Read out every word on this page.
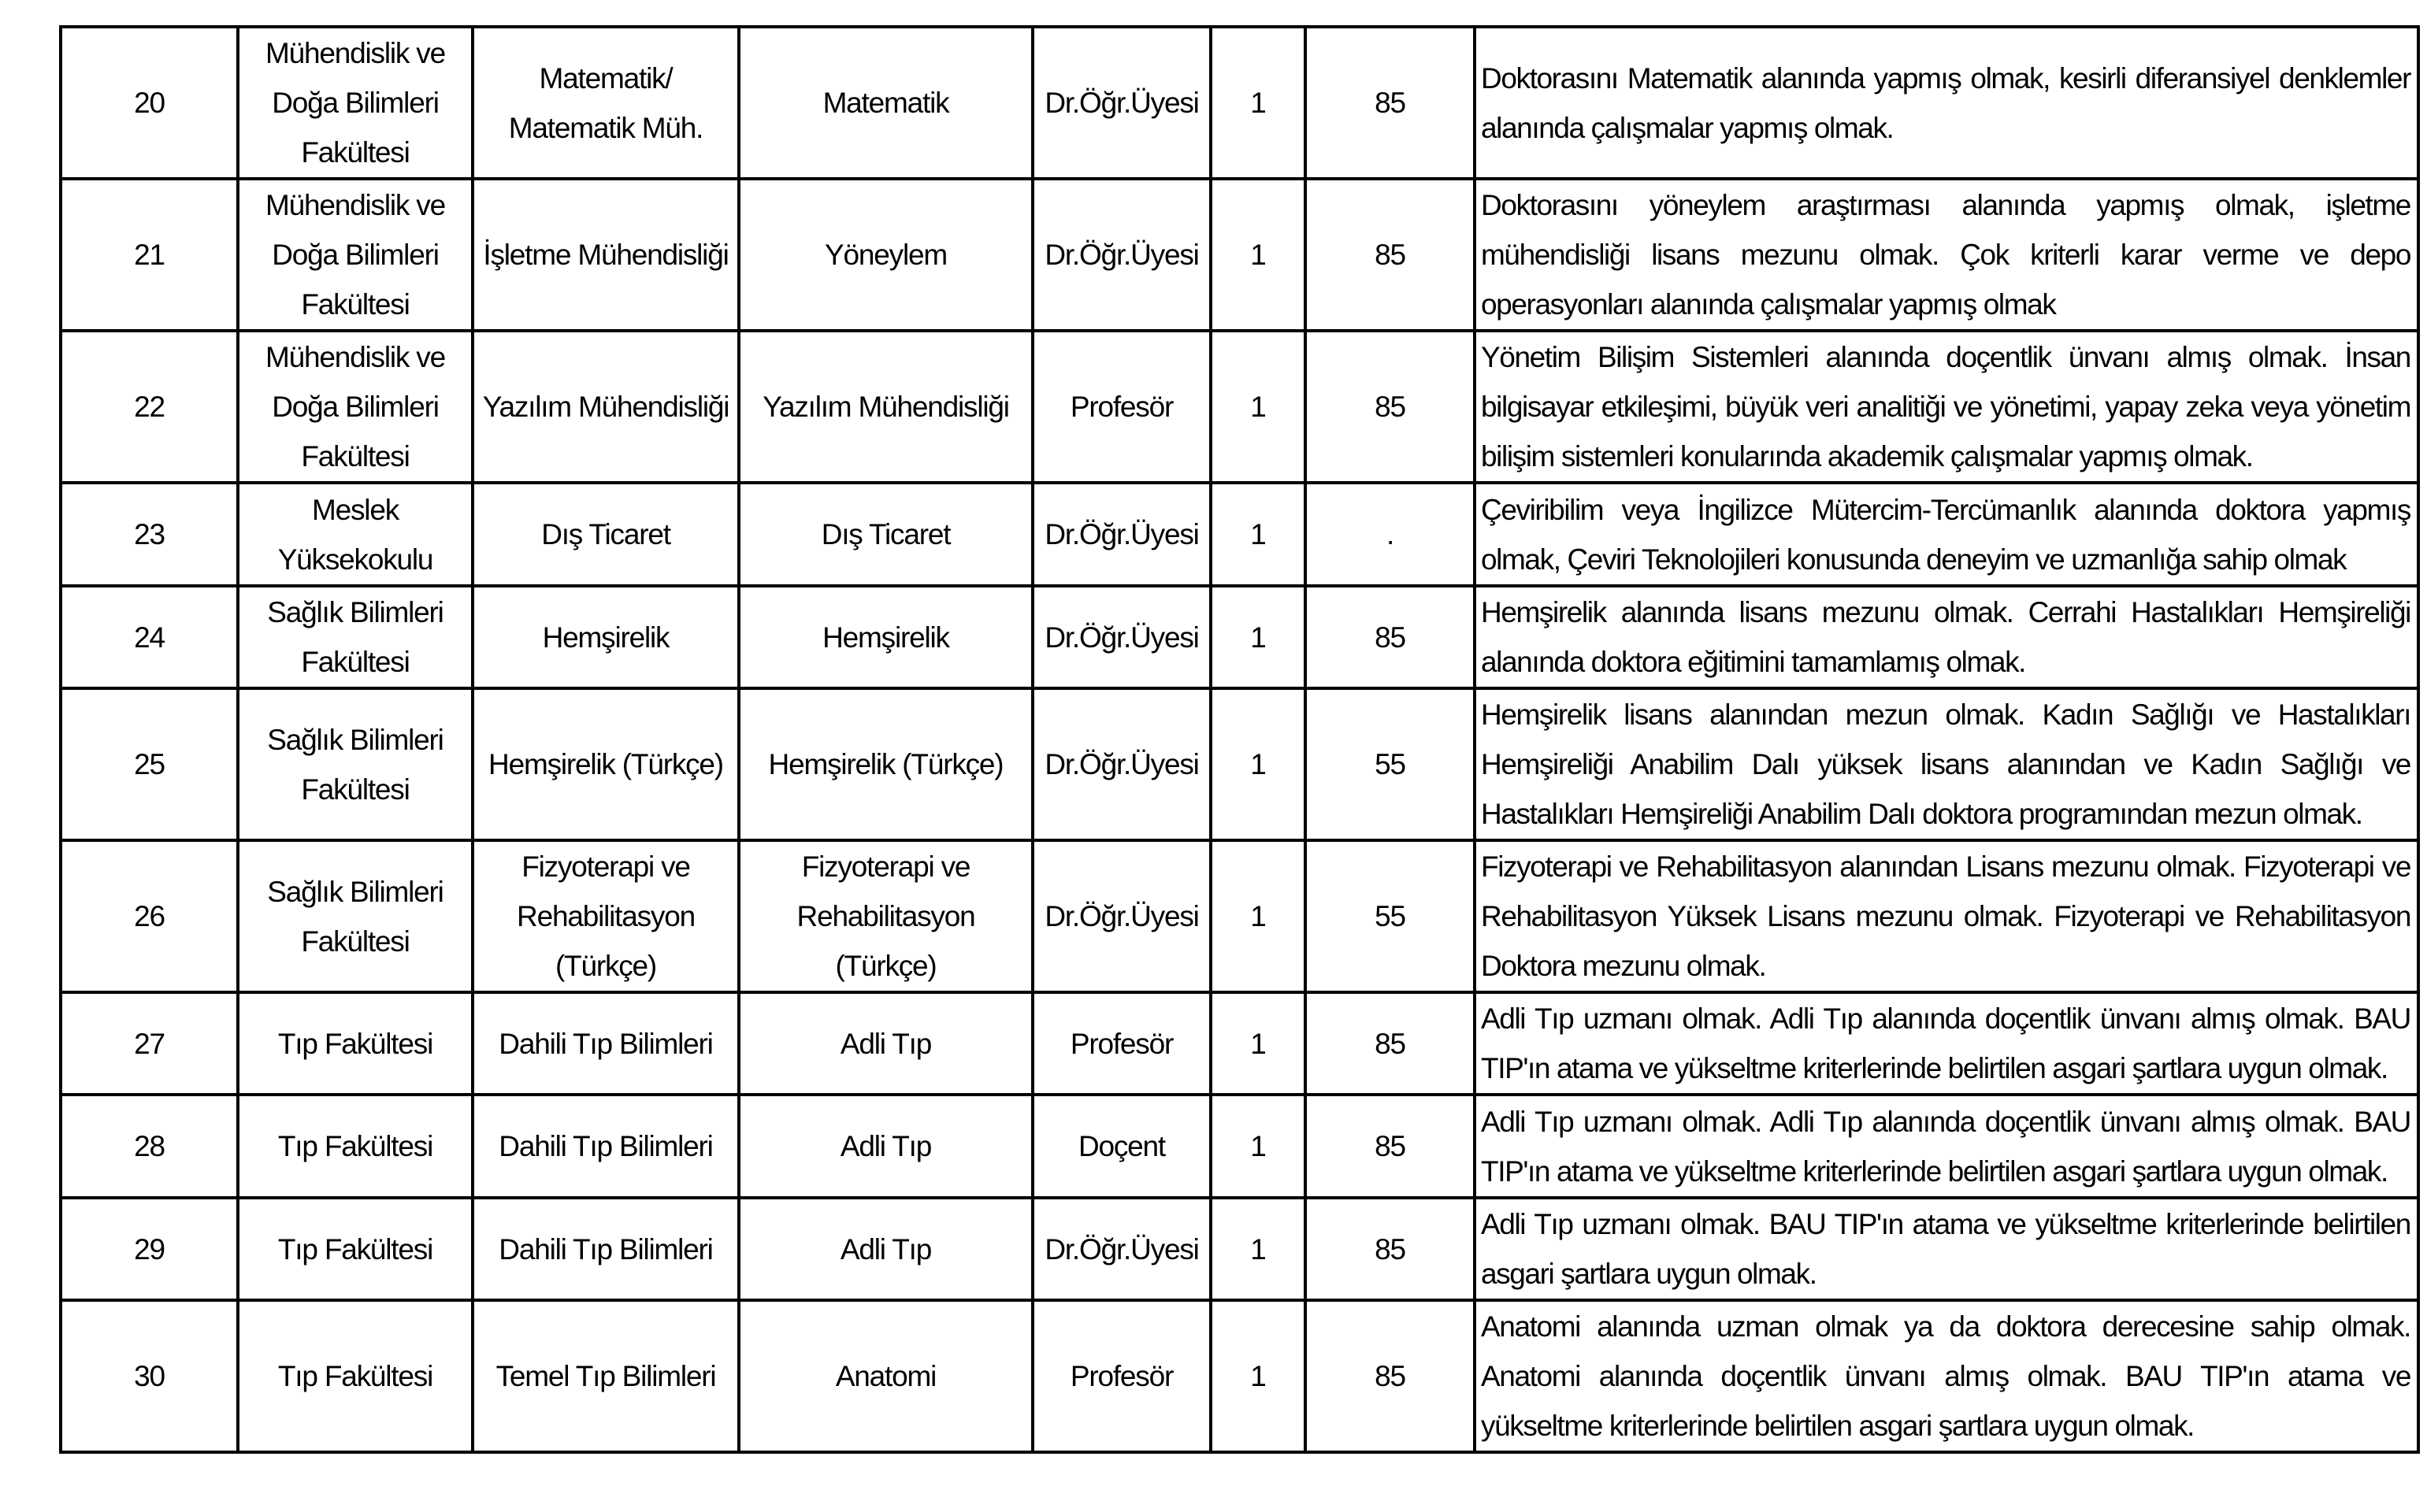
20	Mühendislik ve Doğa Bilimleri Fakültesi	Matematik/ Matematik Müh.	Matematik	Dr.Öğr.Üyesi	1	85	Doktorasını Matematik alanında yapmış olmak, kesirli diferansiyel denklemler alanında çalışmalar yapmış olmak.
21	Mühendislik ve Doğa Bilimleri Fakültesi	İşletme Mühendisliği	Yöneylem	Dr.Öğr.Üyesi	1	85	Doktorasını yöneylem araştırması alanında yapmış olmak, işletme mühendisliği lisans mezunu olmak. Çok kriterli karar verme ve depo operasyonları alanında çalışmalar yapmış olmak
22	Mühendislik ve Doğa Bilimleri Fakültesi	Yazılım Mühendisliği	Yazılım Mühendisliği	Profesör	1	85	Yönetim Bilişim Sistemleri alanında doçentlik ünvanı almış olmak. İnsan bilgisayar etkileşimi, büyük veri analitiği ve yönetimi, yapay zeka veya yönetim bilişim sistemleri konularında akademik çalışmalar yapmış olmak.
23	Meslek Yüksekokulu	Dış Ticaret	Dış Ticaret	Dr.Öğr.Üyesi	1	.	Çeviribilim veya İngilizce Mütercim-Tercümanlık alanında doktora yapmış olmak, Çeviri Teknolojileri konusunda deneyim ve uzmanlığa sahip olmak
24	Sağlık Bilimleri Fakültesi	Hemşirelik	Hemşirelik	Dr.Öğr.Üyesi	1	85	Hemşirelik alanında lisans mezunu olmak. Cerrahi Hastalıkları Hemşireliği alanında doktora eğitimini tamamlamış olmak.
25	Sağlık Bilimleri Fakültesi	Hemşirelik (Türkçe)	Hemşirelik (Türkçe)	Dr.Öğr.Üyesi	1	55	Hemşirelik lisans alanından mezun olmak. Kadın Sağlığı ve Hastalıkları Hemşireliği Anabilim Dalı yüksek lisans alanından ve Kadın Sağlığı ve Hastalıkları Hemşireliği Anabilim Dalı doktora programından mezun olmak.
26	Sağlık Bilimleri Fakültesi	Fizyoterapi ve Rehabilitasyon (Türkçe)	Fizyoterapi ve Rehabilitasyon (Türkçe)	Dr.Öğr.Üyesi	1	55	Fizyoterapi ve Rehabilitasyon alanından Lisans mezunu olmak. Fizyoterapi ve Rehabilitasyon Yüksek Lisans mezunu olmak. Fizyoterapi ve Rehabilitasyon Doktora mezunu olmak.
27	Tıp Fakültesi	Dahili Tıp Bilimleri	Adli Tıp	Profesör	1	85	Adli Tıp uzmanı olmak. Adli Tıp alanında doçentlik ünvanı almış olmak. BAU TIP'ın atama ve yükseltme kriterlerinde belirtilen asgari şartlara uygun olmak.
28	Tıp Fakültesi	Dahili Tıp Bilimleri	Adli Tıp	Doçent	1	85	Adli Tıp uzmanı olmak. Adli Tıp alanında doçentlik ünvanı almış olmak. BAU TIP'ın atama ve yükseltme kriterlerinde belirtilen asgari şartlara uygun olmak.
29	Tıp Fakültesi	Dahili Tıp Bilimleri	Adli Tıp	Dr.Öğr.Üyesi	1	85	Adli Tıp uzmanı olmak. BAU TIP'ın atama ve yükseltme kriterlerinde belirtilen asgari şartlara uygun olmak.
30	Tıp Fakültesi	Temel Tıp Bilimleri	Anatomi	Profesör	1	85	Anatomi alanında uzman olmak ya da doktora derecesine sahip olmak. Anatomi alanında doçentlik ünvanı almış olmak. BAU TIP'ın atama ve yükseltme kriterlerinde belirtilen asgari şartlara uygun olmak.
